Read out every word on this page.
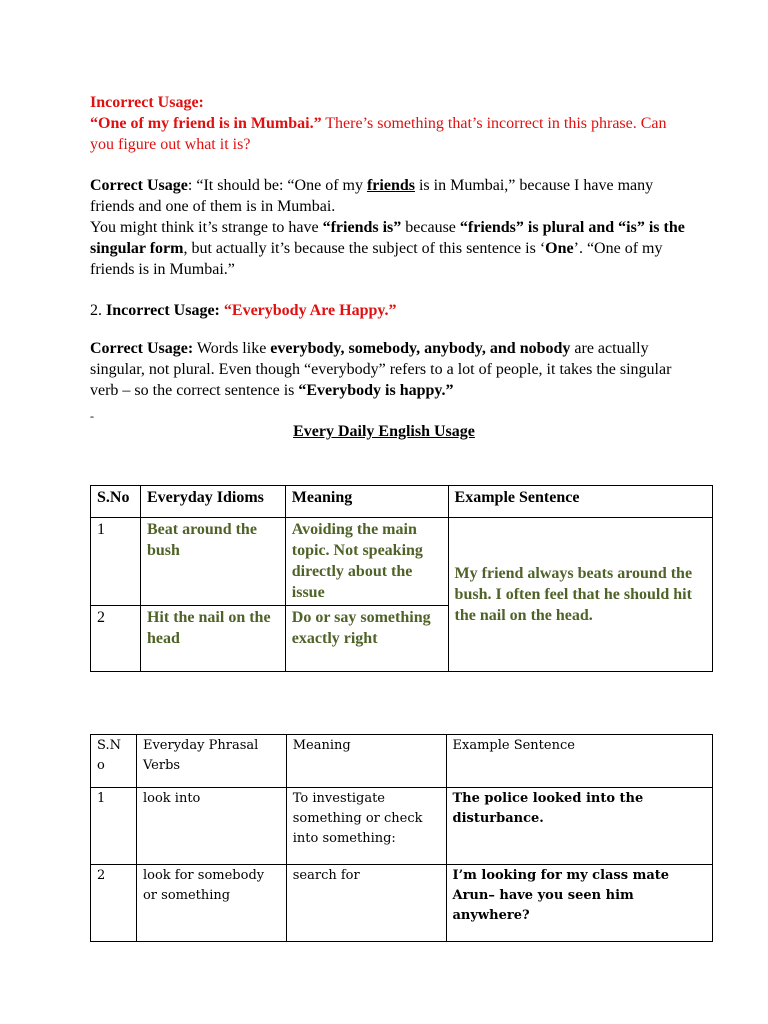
Incorrect Usage:

“One of my friend is in Mumbai.” There’s something that’s incorrect in this phrase. Can you figure out what it is?

Correct Usage: “It should be: “One of my friends is in Mumbai,” because I have many friends and one of them is in Mumbai.
You might think it’s strange to have “friends is” because “friends” is plural and “is” is the singular form, but actually it’s because the subject of this sentence is ‘One’. “One of my friends is in Mumbai.”

2. Incorrect Usage: “Everybody Are Happy.”

Correct Usage: Words like everybody, somebody, anybody, and nobody are actually singular, not plural. Even though “everybody” refers to a lot of people, it takes the singular verb – so the correct sentence is “Everybody is happy.”

-
Every Daily English Usage
S.No	Everyday Idioms	Meaning	Example Sentence
1	Beat around the bush	Avoiding the main topic. Not speaking directly about the issue	My friend always beats around the bush. I often feel that he should hit the nail on the head.
2	Hit the nail on the head	Do or say something exactly right	
S.N o	Everyday Phrasal Verbs	Meaning	Example Sentence
1	look into	To investigate something or check into something:	The police looked into the disturbance.
2	look for somebody or something	search for	I’m looking for my class mate Arun– have you seen him anywhere?
